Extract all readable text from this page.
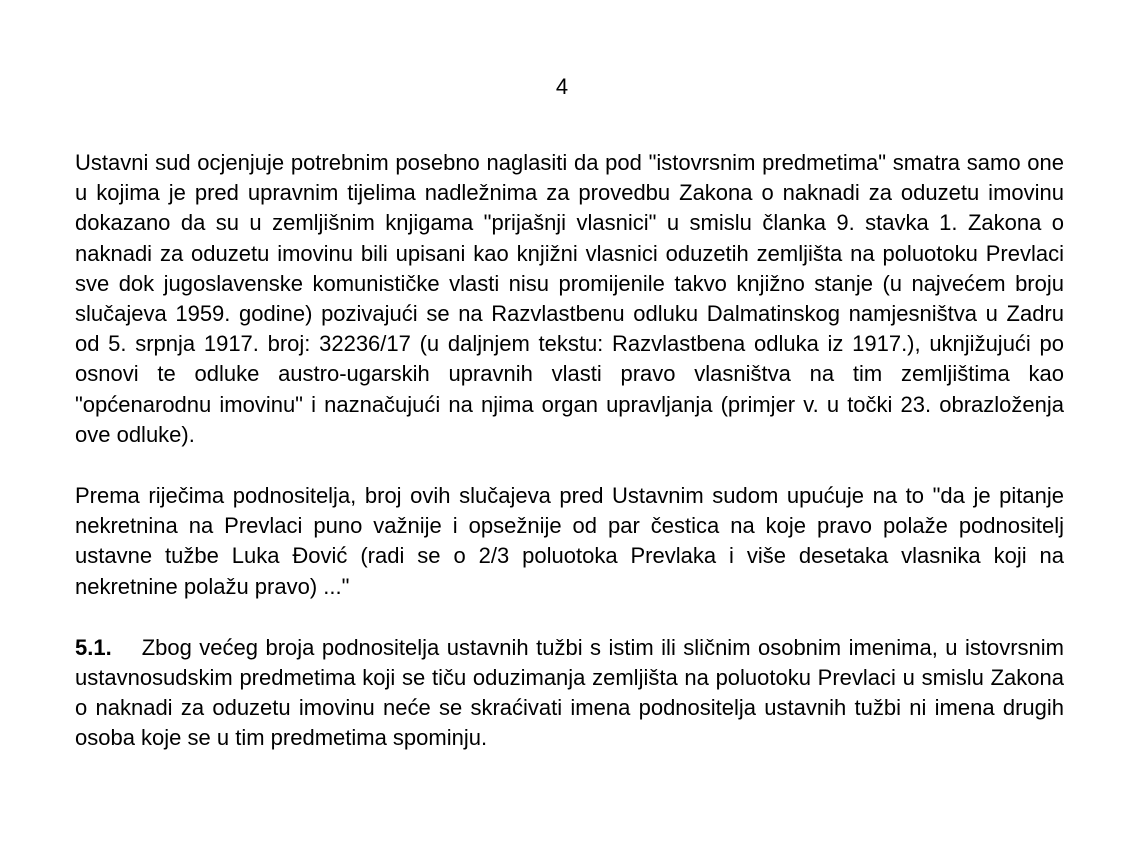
4

Ustavni sud ocjenjuje potrebnim posebno naglasiti da pod "istovrsnim predmetima" smatra samo one u kojima je pred upravnim tijelima nadležnima za provedbu Zakona o naknadi za oduzetu imovinu dokazano da su u zemljišnim knjigama "prijašnji vlasnici" u smislu članka 9. stavka 1. Zakona o naknadi za oduzetu imovinu bili upisani kao knjižni vlasnici oduzetih zemljišta na poluotoku Prevlaci sve dok jugoslavenske komunističke vlasti nisu promijenile takvo knjižno stanje (u najvećem broju slučajeva 1959. godine) pozivajući se na Razvlastbenu odluku Dalmatinskog namjesništva u Zadru od 5. srpnja 1917. broj: 32236/17 (u daljnjem tekstu: Razvlastbena odluka iz 1917.), uknjižujući po osnovi te odluke austro-ugarskih upravnih vlasti pravo vlasništva na tim zemljištima kao "općenarodnu imovinu" i naznačujući na njima organ upravljanja (primjer v. u točki 23. obrazloženja ove odluke).

Prema riječima podnositelja, broj ovih slučajeva pred Ustavnim sudom upućuje na to "da je pitanje nekretnina na Prevlaci puno važnije i opsežnije od par čestica na koje pravo polaže podnositelj ustavne tužbe Luka Đović (radi se o 2/3 poluotoka Prevlaka i više desetaka vlasnika koji na nekretnine polažu pravo) ..."

5.1. Zbog većeg broja podnositelja ustavnih tužbi s istim ili sličnim osobnim imenima, u istovrsnim ustavnosudskim predmetima koji se tiču oduzimanja zemljišta na poluotoku Prevlaci u smislu Zakona o naknadi za oduzetu imovinu neće se skraćivati imena podnositelja ustavnih tužbi ni imena drugih osoba koje se u tim predmetima spominju.
